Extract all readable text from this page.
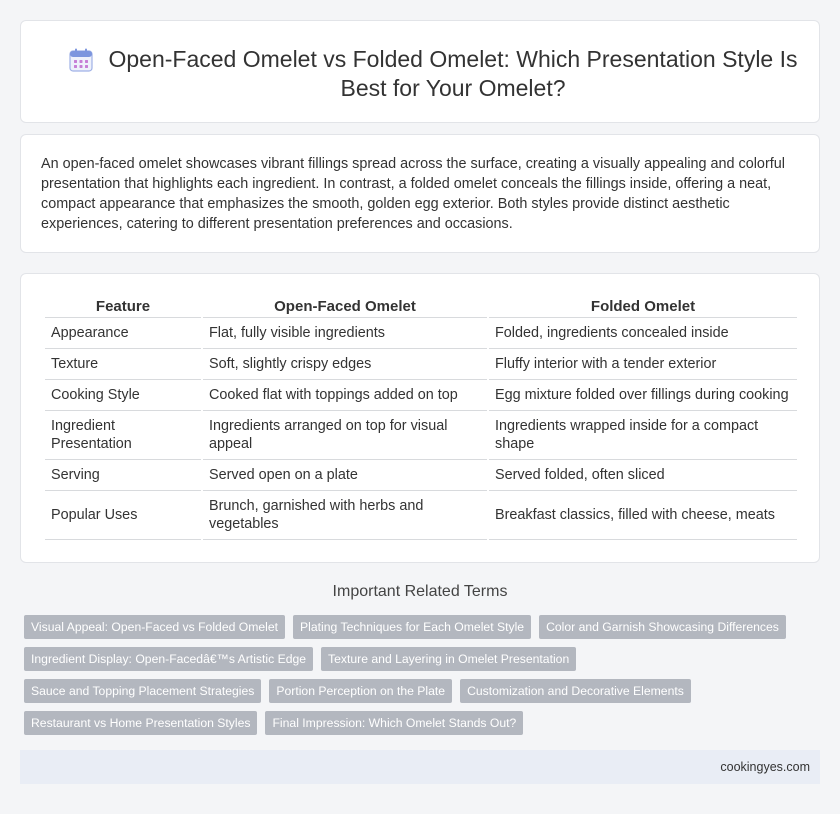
Open-Faced Omelet vs Folded Omelet: Which Presentation Style Is Best for Your Omelet?

An open-faced omelet showcases vibrant fillings spread across the surface, creating a visually appealing and colorful presentation that highlights each ingredient. In contrast, a folded omelet conceals the fillings inside, offering a neat, compact appearance that emphasizes the smooth, golden egg exterior. Both styles provide distinct aesthetic experiences, catering to different presentation preferences and occasions.

Feature	Open-Faced Omelet	Folded Omelet
Appearance	Flat, fully visible ingredients	Folded, ingredients concealed inside
Texture	Soft, slightly crispy edges	Fluffy interior with a tender exterior
Cooking Style	Cooked flat with toppings added on top	Egg mixture folded over fillings during cooking
Ingredient Presentation	Ingredients arranged on top for visual appeal	Ingredients wrapped inside for a compact shape
Serving	Served open on a plate	Served folded, often sliced
Popular Uses	Brunch, garnished with herbs and vegetables	Breakfast classics, filled with cheese, meats
Important Related Terms
Visual Appeal: Open-Faced vs Folded Omelet	Plating Techniques for Each Omelet Style	Color and Garnish Showcasing Differences
Ingredient Display: Open-Facedâ€™s Artistic Edge	Texture and Layering in Omelet Presentation
Sauce and Topping Placement Strategies	Portion Perception on the Plate	Customization and Decorative Elements
Restaurant vs Home Presentation Styles	Final Impression: Which Omelet Stands Out?
cookingyes.com
